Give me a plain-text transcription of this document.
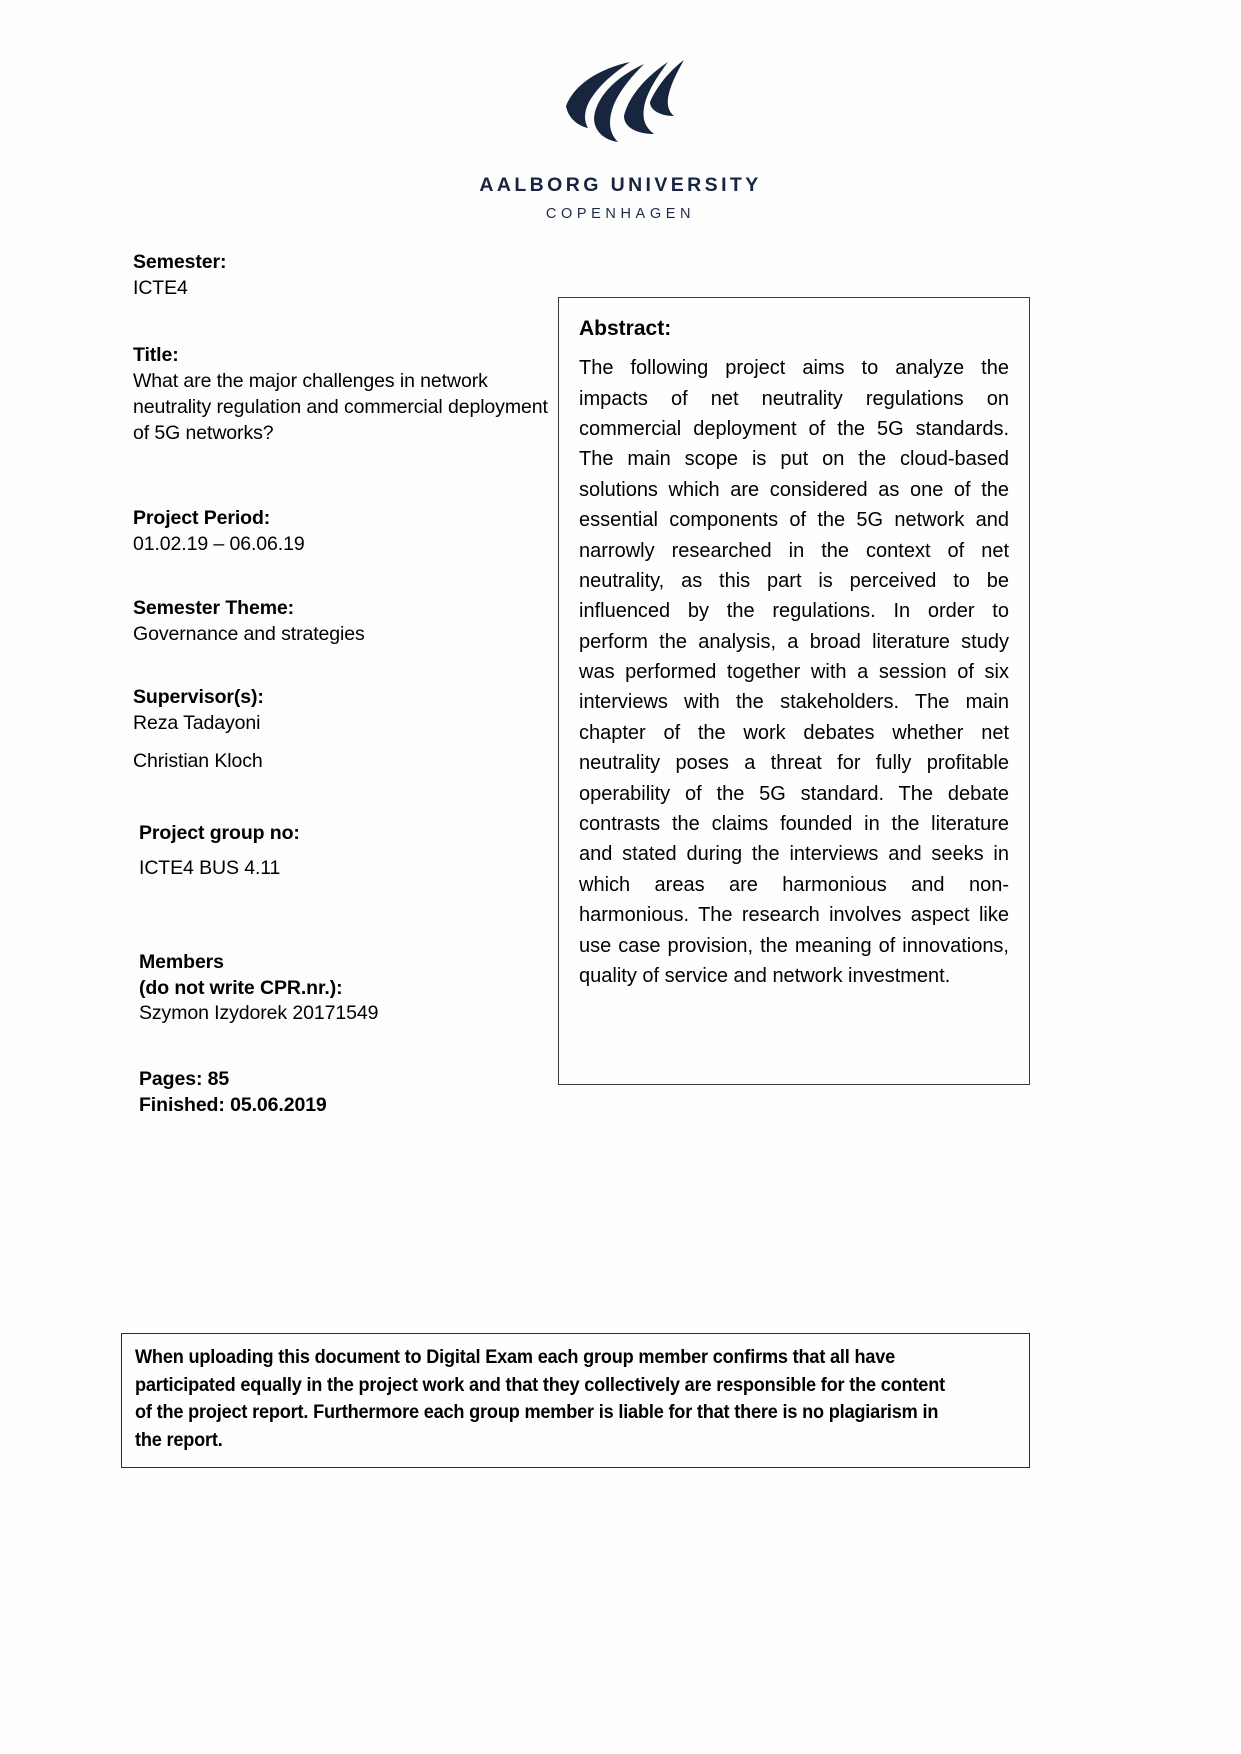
AALBORG UNIVERSITY
COPENHAGEN
Semester:
ICTE4
Title:
What are the major challenges in network neutrality regulation and commercial deployment of 5G networks?
Project Period:
01.02.19 – 06.06.19
Semester Theme:
Governance and strategies
Supervisor(s):
Reza Tadayoni
Christian Kloch
Project group no:
ICTE4 BUS 4.11
Members
(do not write CPR.nr.):
Szymon Izydorek 20171549
Pages: 85
Finished: 05.06.2019
Abstract:

The following project aims to analyze the impacts of net neutrality regulations on commercial deployment of the 5G standards. The main scope is put on the cloud-based solutions which are considered as one of the essential components of the 5G network and narrowly researched in the context of net neutrality, as this part is perceived to be influenced by the regulations. In order to perform the analysis, a broad literature study was performed together with a session of six interviews with the stakeholders. The main chapter of the work debates whether net neutrality poses a threat for fully profitable operability of the 5G standard. The debate contrasts the claims founded in the literature and stated during the interviews and seeks in which areas are harmonious and non-harmonious. The research involves aspect like use case provision, the meaning of innovations, quality of service and network investment.

When uploading this document to Digital Exam each group member confirms that all have participated equally in the project work and that they collectively are responsible for the content of the project report. Furthermore each group member is liable for that there is no plagiarism in the report.
